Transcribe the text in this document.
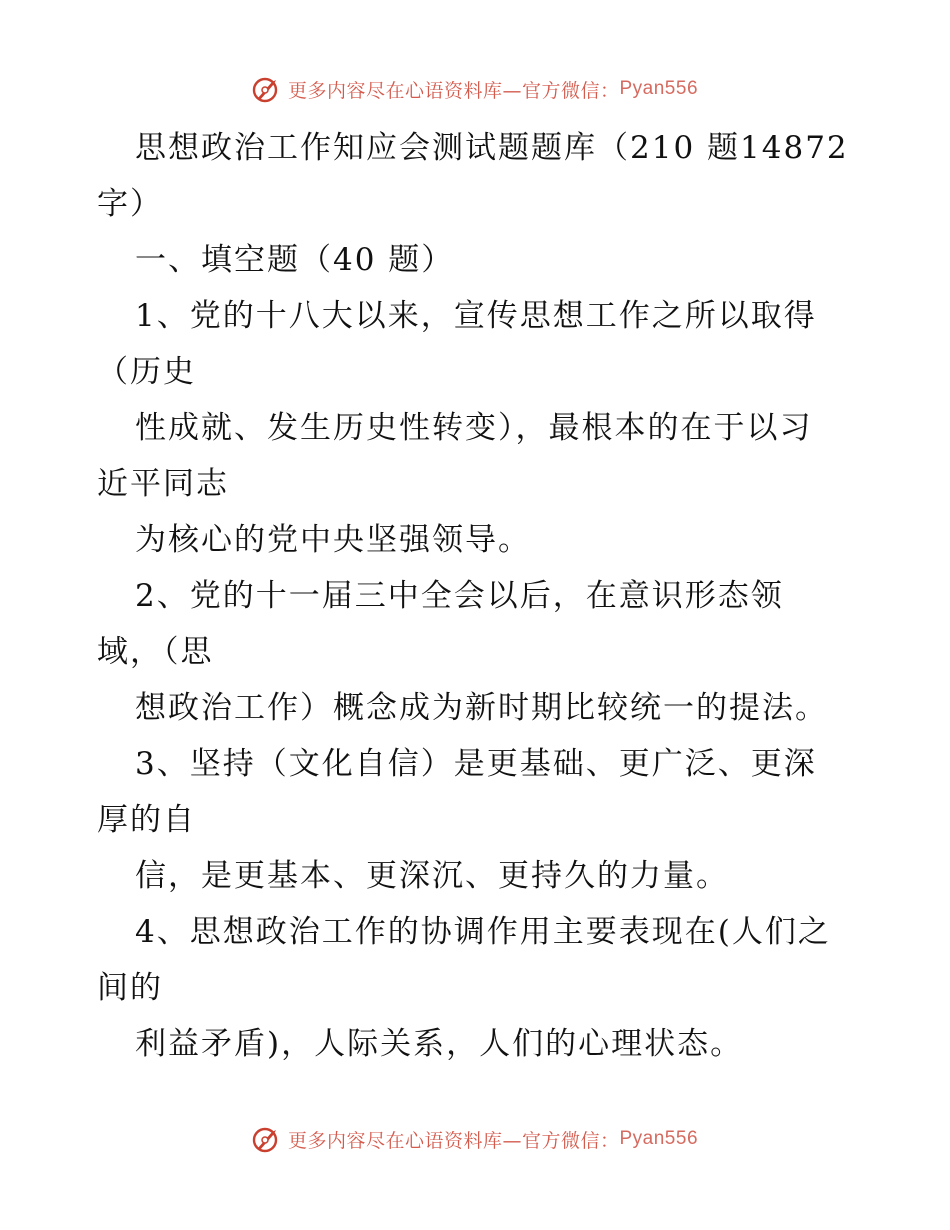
更多内容尽在心语资料库—官方微信： Pyan556
思想政治工作知应会测试题题库（210 题14872
字）
一、填空题（40 题）
1、党的十八大以来，宣传思想工作之所以取得
（历史
性成就、发生历史性转变），最根本的在于以习
近平同志
为核心的党中央坚强领导。
2、党的十一届三中全会以后，在意识形态领
域，（思
想政治工作）概念成为新时期比较统一的提法。
3、坚持（文化自信）是更基础、更广泛、更深
厚的自
信，是更基本、更深沉、更持久的力量。
4、思想政治工作的协调作用主要表现在(人们之
间的
利益矛盾)，人际关系，人们的心理状态。
更多内容尽在心语资料库—官方微信： Pyan556
